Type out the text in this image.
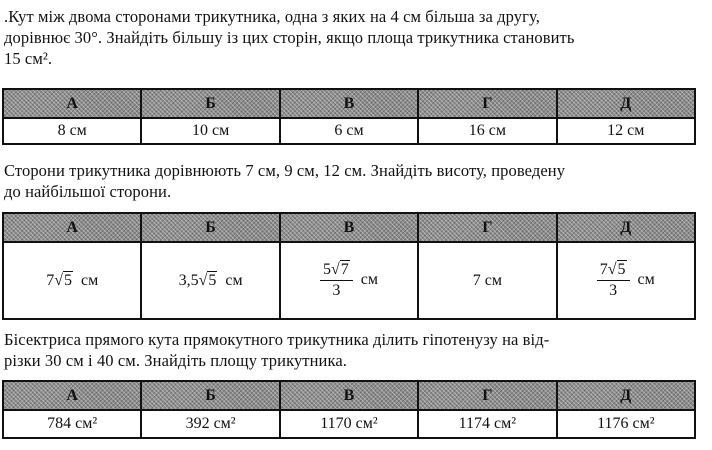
.Кут між двома сторонами трикутника, одна з яких на 4 см більша за другу,
дорівнює 30°. Знайдіть більшу із цих сторін, якщо площа трикутника становить
15 см².
А	Б	В	Г	Д
8 см	10 см	6 см	16 см	12 см
Сторони трикутника дорівнюють 7 см, 9 см, 12 см. Знайдіть висоту, проведену
до найбільшої сторони.
А	Б	В	Г	Д
7√5 см	3,5√5 см	$\frac{5√7}{3}$ см	7 см	$\frac{7√5}{3}$ см
Бісектриса прямого кута прямокутного трикутника ділить гіпотенузу на від-
різки 30 см і 40 см. Знайдіть площу трикутника.
А	Б	В	Г	Д
784 см²	392 см²	1170 см²	1174 см²	1176 см²
